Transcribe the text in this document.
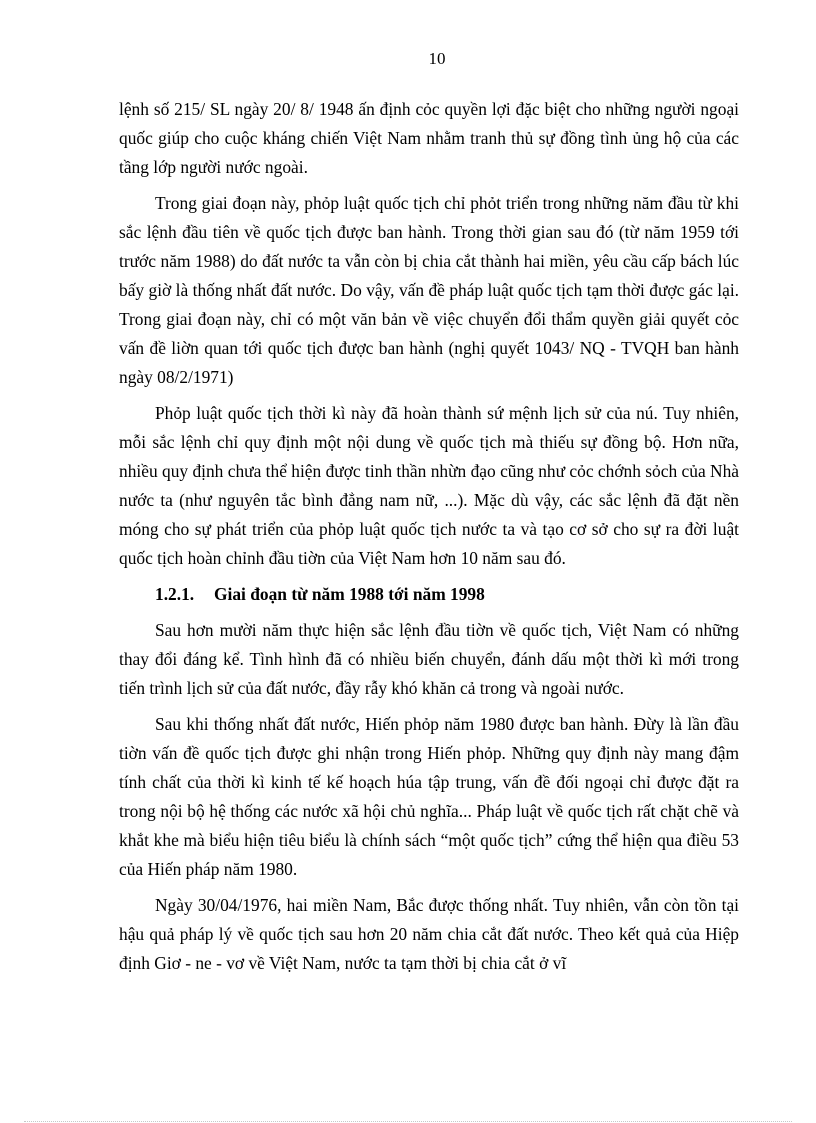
10

lệnh số 215/ SL ngày 20/ 8/ 1948 ấn định cỏc quyền lợi đặc biệt cho những người ngoại quốc giúp cho cuộc kháng chiến Việt Nam nhằm tranh thủ sự đồng tình ủng hộ của các tầng lớp người nước ngoài.

Trong giai đoạn này, phỏp luật quốc tịch chỉ phỏt triển trong những năm đầu từ khi sắc lệnh đầu tiên về quốc tịch được ban hành. Trong thời gian sau đó (từ năm 1959 tới trước năm 1988) do đất nước ta vẫn còn bị chia cắt thành hai miền, yêu cầu cấp bách lúc bấy giờ là thống nhất đất nước. Do vậy, vấn đề pháp luật quốc tịch tạm thời được gác lại. Trong giai đoạn này, chỉ có một văn bản về việc chuyển đổi thẩm quyền giải quyết cỏc vấn đề liờn quan tới quốc tịch được ban hành (nghị quyết 1043/ NQ - TVQH ban hành ngày 08/2/1971)

Phỏp luật quốc tịch thời kì này đã hoàn thành sứ mệnh lịch sử của nú. Tuy nhiên, mỗi sắc lệnh chỉ quy định một nội dung về quốc tịch mà thiếu sự đồng bộ. Hơn nữa, nhiều quy định chưa thể hiện được tinh thần nhừn đạo cũng như cỏc chớnh sỏch của Nhà nước ta (như nguyên tắc bình đẳng nam nữ, ...). Mặc dù vậy, các sắc lệnh đã đặt nền móng cho sự phát triển của phỏp luật quốc tịch nước ta và tạo cơ sở cho sự ra đời luật quốc tịch hoàn chỉnh đầu tiờn của Việt Nam hơn 10 năm sau đó.

1.2.1. Giai đoạn từ năm 1988 tới năm 1998

Sau hơn mười năm thực hiện sắc lệnh đầu tiờn về quốc tịch, Việt Nam có những thay đổi đáng kể. Tình hình đã có nhiều biến chuyển, đánh dấu một thời kì mới trong tiến trình lịch sử của đất nước, đầy rẫy khó khăn cả trong và ngoài nước.

Sau khi thống nhất đất nước, Hiến phỏp năm 1980 được ban hành. Đừy là lần đầu tiờn vấn đề quốc tịch được ghi nhận trong Hiến phỏp. Những quy định này mang đậm tính chất của thời kì kinh tế kế hoạch húa tập trung, vấn đề đối ngoại chỉ được đặt ra trong nội bộ hệ thống các nước xã hội chủ nghĩa... Pháp luật về quốc tịch rất chặt chẽ và khắt khe mà biểu hiện tiêu biểu là chính sách “một quốc tịch” cứng thể hiện qua điều 53 của Hiến pháp năm 1980.

Ngày 30/04/1976, hai miền Nam, Bắc được thống nhất. Tuy nhiên, vẫn còn tồn tại hậu quả pháp lý về quốc tịch sau hơn 20 năm chia cắt đất nước. Theo kết quả của Hiệp định Giơ - ne - vơ về Việt Nam, nước ta tạm thời bị chia cắt ở vĩ
